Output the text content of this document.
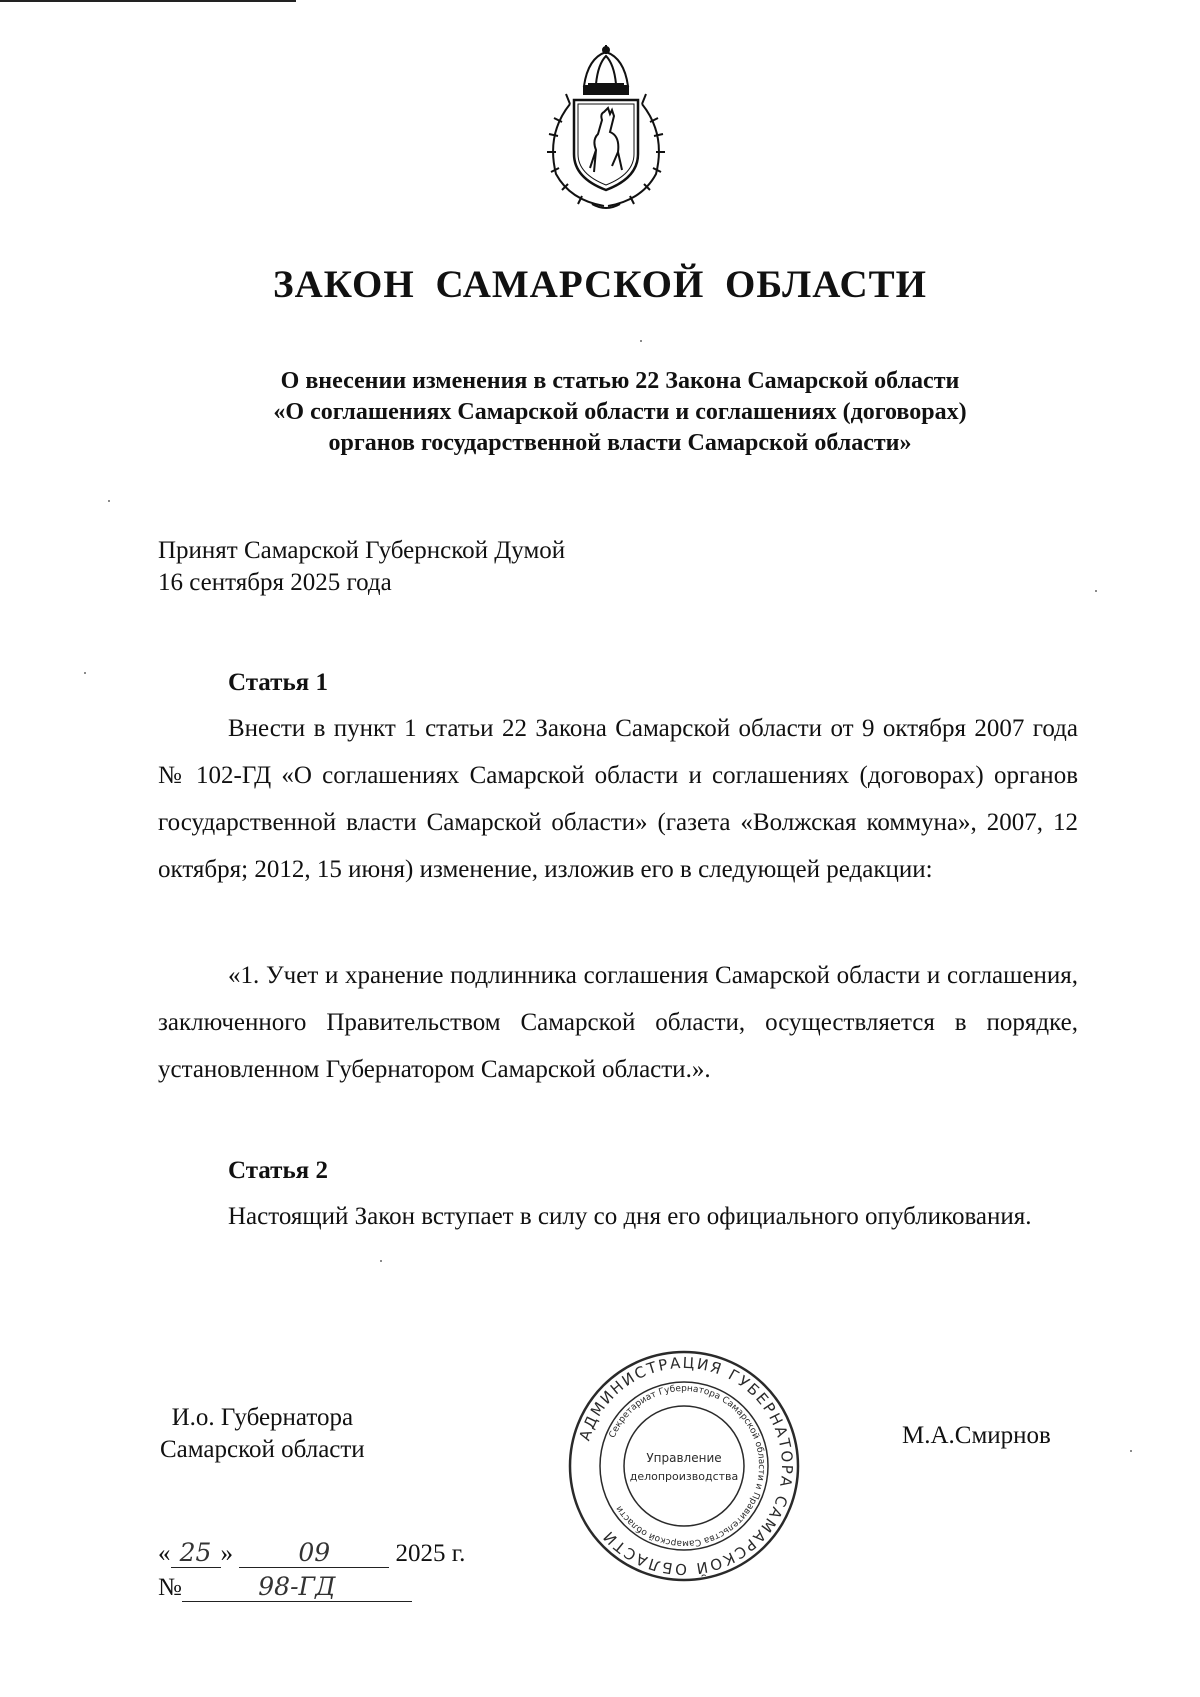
ЗАКОН САМАРСКОЙ ОБЛАСТИ
О внесении изменения в статью 22 Закона Самарской области
«О соглашениях Самарской области и соглашениях (договорах)
органов государственной власти Самарской области»
Принят Самарской Губернской Думой
16 сентября 2025 года
Статья 1

Внести в пункт 1 статьи 22 Закона Самарской области от 9 октября 2007 года № 102-ГД «О соглашениях Самарской области и соглашениях (договорах) органов государственной власти Самарской области» (газета «Волжская коммуна», 2007, 12 октября; 2012, 15 июня) изменение, изложив его в следующей редакции:

«1. Учет и хранение подлинника соглашения Самарской области и соглашения, заключенного Правительством Самарской области, осуществляется в порядке, установленном Губернатором Самарской области.».

Статья 2

Настоящий Закон вступает в силу со дня его официального опубликования.

И.о. Губернатора
Самарской области
М.А.Смирнов
« 25 »	09	2025 г.
№	98-ГД
АДМИНИСТРАЦИЯ ГУБЕРНАТОРА САМАРСКОЙ ОБЛАСТИ
Секретариат Губернатора Самарской области и Правительства Самарской области
Управление
делопроизводства
